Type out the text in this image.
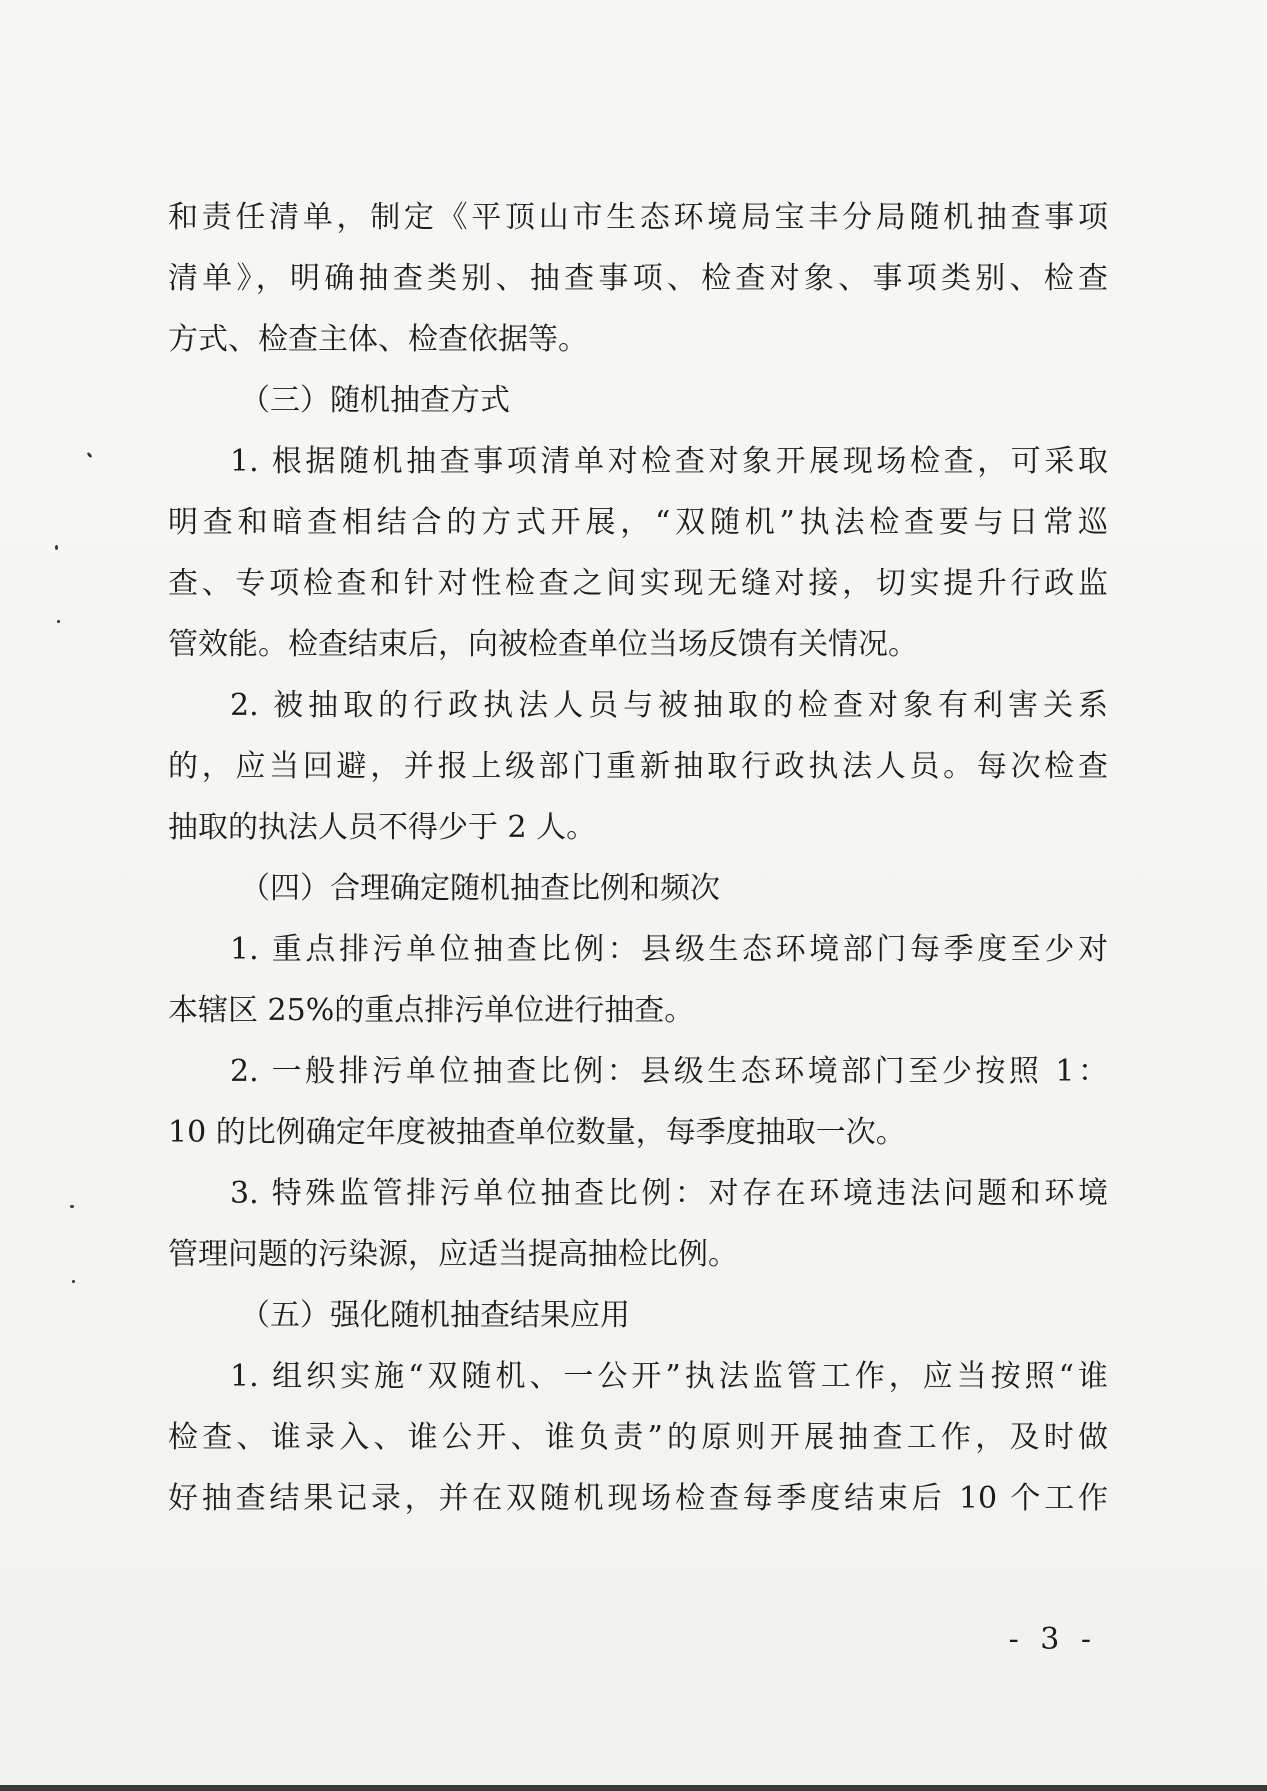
和责任清单，制定《平顶山市生态环境局宝丰分局随机抽查事项
清单》，明确抽查类别、抽查事项、检查对象、事项类别、检查
方式、检查主体、检查依据等。
（三）随机抽查方式
1. 根据随机抽查事项清单对检查对象开展现场检查，可采取
明查和暗查相结合的方式开展，“双随机”执法检查要与日常巡
查、专项检查和针对性检查之间实现无缝对接，切实提升行政监
管效能。检查结束后，向被检查单位当场反馈有关情况。
2. 被抽取的行政执法人员与被抽取的检查对象有利害关系
的，应当回避，并报上级部门重新抽取行政执法人员。每次检查
抽取的执法人员不得少于 2 人。
（四）合理确定随机抽查比例和频次
1. 重点排污单位抽查比例：县级生态环境部门每季度至少对
本辖区 25%的重点排污单位进行抽查。
2. 一般排污单位抽查比例：县级生态环境部门至少按照 1：
10 的比例确定年度被抽查单位数量，每季度抽取一次。
3. 特殊监管排污单位抽查比例：对存在环境违法问题和环境
管理问题的污染源，应适当提高抽检比例。
（五）强化随机抽查结果应用
1. 组织实施“双随机、一公开”执法监管工作，应当按照“谁
检查、谁录入、谁公开、谁负责”的原则开展抽查工作，及时做
好抽查结果记录，并在双随机现场检查每季度结束后 10 个工作
- 3 -
